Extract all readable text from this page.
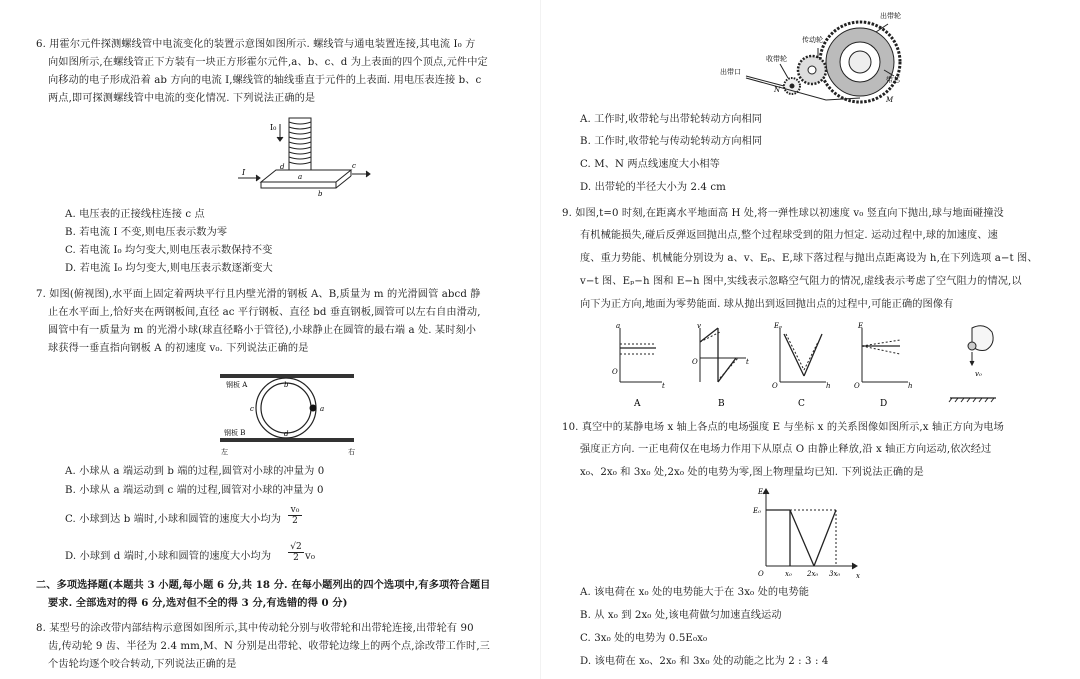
6. 用霍尔元件探测螺线管中电流变化的装置示意图如图所示. 螺线管与通电装置连接,其电流 I₀ 方
向如图所示,在螺线管正下方装有一块正方形霍尔元件,a、b、c、d 为上表面的四个顶点,元件中定
向移动的电子形成沿着 ab 方向的电流 I,螺线管的轴线垂直于元件的上表面. 用电压表连接 b、c
两点,即可探测螺线管中电流的变化情况. 下列说法正确的是
I₀
I	a
b
c
d
A. 电压表的正接线柱连接 c 点
B. 若电流 I 不变,则电压表示数为零
C. 若电流 I₀ 均匀变大,则电压表示数保持不变
D. 若电流 I₀ 均匀变大,则电压表示数逐渐变大
7. 如图(俯视图),水平面上固定着两块平行且内壁光滑的钢板 A、B,质量为 m 的光滑圆管 abcd 静
止在水平面上,恰好夹在两钢板间,直径 ac 平行钢板、直径 bd 垂直钢板,圆管可以左右自由滑动,
圆管中有一质量为 m 的光滑小球(球直径略小于管径),小球静止在圆管的最右端 a 处. 某时刻小
球获得一垂直指向钢板 A 的初速度 v₀. 下列说法正确的是
钢板 A
钢板 B
左	右
a
b
c
d
A. 小球从 a 端运动到 b 端的过程,圆管对小球的冲量为 0
B. 小球从 a 端运动到 c 端的过程,圆管对小球的冲量为 0
C. 小球到达 b 端时,小球和圆管的速度大小均为 $\frac{\text{v₀}}{2}$
D. 小球到 d 端时,小球和圆管的速度大小均为 $\frac{√2}{2} v_0$
二、多项选择题(本题共 3 小题,每小题 6 分,共 18 分. 在每小题列出的四个选项中,有多项符合题目
要求. 全部选对的得 6 分,选对但不全的得 3 分,有选错的得 0 分)
8. 某型号的涂改带内部结构示意图如图所示,其中传动轮分别与收带轮和出带轮连接,出带轮有 90
齿,传动轮 9 齿、半径为 2.4 mm,M、N 分别是出带轮、收带轮边缘上的两个点,涂改带工作时,三
个齿轮均逐个咬合转动,下列说法正确的是
传动轮
出带轮
收带轮
出带口
带芯
N
M
A. 工作时,收带轮与出带轮转动方向相同
B. 工作时,收带轮与传动轮转动方向相同
C. M、N 两点线速度大小相等
D. 出带轮的半径大小为 2.4 cm
9. 如图,t=0 时刻,在距离水平地面高 H 处,将一弹性球以初速度 v₀ 竖直向下抛出,球与地面碰撞没
有机械能损失,碰后反弹返回抛出点,整个过程球受到的阻力恒定. 运动过程中,球的加速度、速
度、重力势能、机械能分别设为 a、v、Eₚ、E,球下落过程与抛出点距离设为 h,在下列选项 a−t 图、
v−t 图、Eₚ−h 图和 E−h 图中,实线表示忽略空气阻力的情况,虚线表示考虑了空气阻力的情况,以
向下为正方向,地面为零势能面. 球从抛出到返回抛出点的过程中,可能正确的图像有
a
O
t
v
O	t
Eₚ
O	h
E
O	h
v₀
A	B	C	D
10. 真空中的某静电场 x 轴上各点的电场强度 E 与坐标 x 的关系图像如图所示,x 轴正方向为电场
强度正方向. 一正电荷仅在电场力作用下从原点 O 由静止释放,沿 x 轴正方向运动,依次经过
x₀、2x₀ 和 3x₀ 处,2x₀ 处的电势为零,图上物理量均已知. 下列说法正确的是
E
E₀
O	x
x₀ 2x₀ 3x₀
A. 该电荷在 x₀ 处的电势能大于在 3x₀ 处的电势能
B. 从 x₀ 到 2x₀ 处,该电荷做匀加速直线运动
C. 3x₀ 处的电势为 0.5E₀x₀
D. 该电荷在 x₀、2x₀ 和 3x₀ 处的动能之比为 2 : 3 : 4
